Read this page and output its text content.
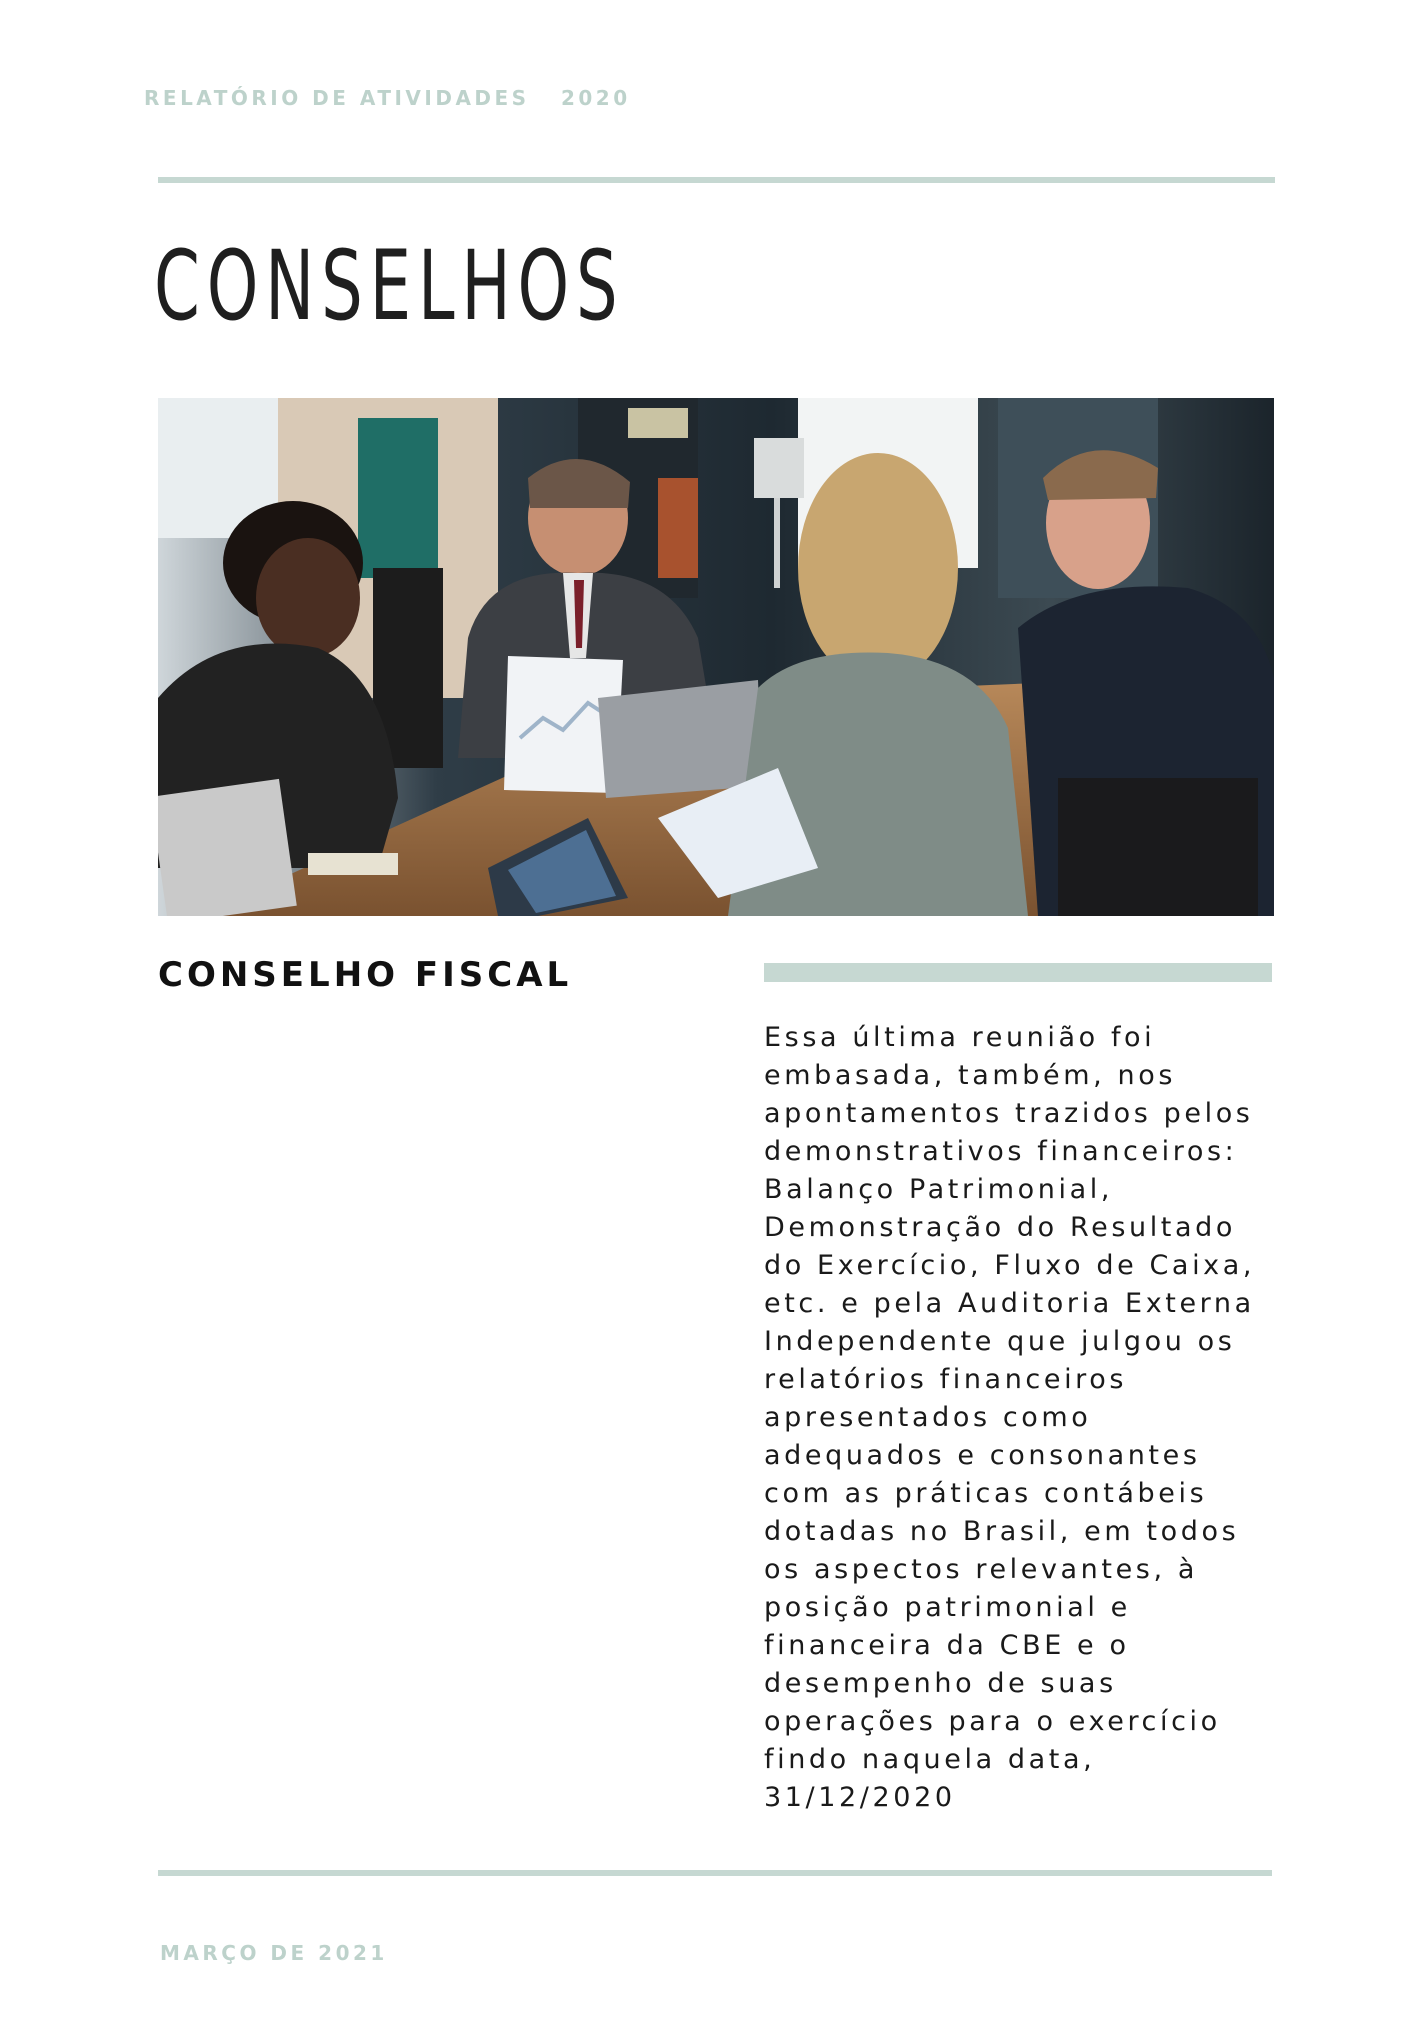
RELATÓRIO DE ATIVIDADES   2020
CONSELHOS
CONSELHO FISCAL

Essa última reunião foi
embasada, também, nos
apontamentos trazidos pelos
demonstrativos financeiros:
Balanço Patrimonial,
Demonstração do Resultado
do Exercício, Fluxo de Caixa,
etc. e pela Auditoria Externa
Independente que julgou os
relatórios financeiros
apresentados como
adequados e consonantes
com as práticas contábeis
dotadas no Brasil, em todos
os aspectos relevantes, à
posição patrimonial e
financeira da CBE e o
desempenho de suas
operações para o exercício
findo naquela data,
31/12/2020

MARÇO DE 2021
